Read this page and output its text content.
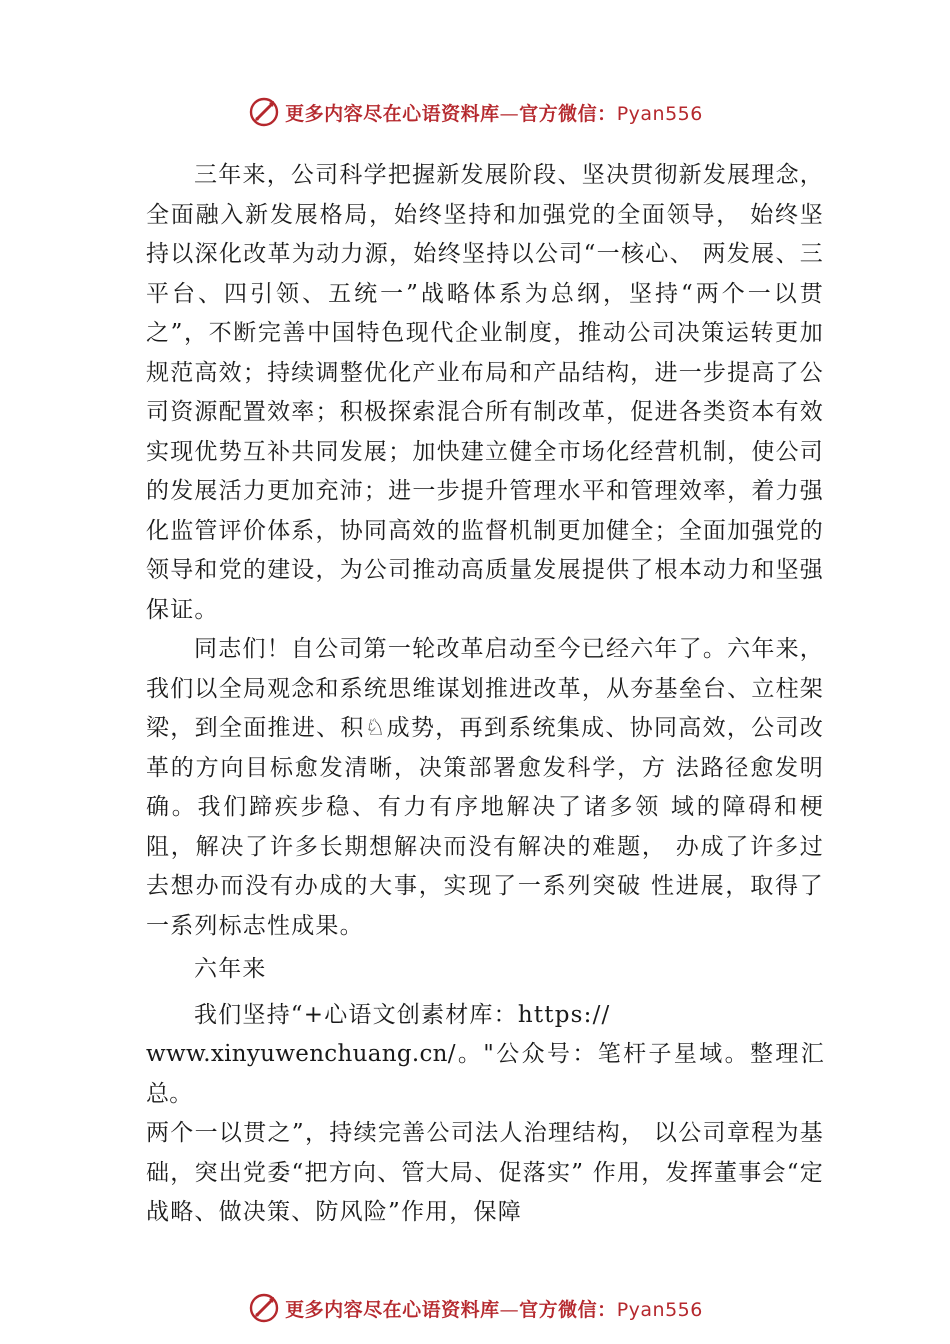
更多内容尽在心语资料库—官方微信：Pyan556

三年来，公司科学把握新发展阶段、坚决贯彻新发展理念，全面融入新发展格局，始终坚持和加强党的全面领导， 始终坚持以深化改革为动力源，始终坚持以公司“一核心、 两发展、三平台、四引领、五统一”战略体系为总纲，坚持“两个一以贯之”，不断完善中国特色现代企业制度，推动公司决策运转更加规范高效；持续调整优化产业布局和产品结构，进一步提高了公司资源配置效率；积极探索混合所有制改革，促进各类资本有效实现优势互补共同发展；加快建立健全市场化经营机制，使公司的发展活力更加充沛；进一步提升管理水平和管理效率，着力强化监管评价体系，协同高效的监督机制更加健全；全面加强党的领导和党的建设，为公司推动高质量发展提供了根本动力和坚强保证。

同志们！自公司第一轮改革启动至今已经六年了。六年来，我们以全局观念和系统思维谋划推进改革，从夯基垒台、立柱架梁，到全面推进、积♘成势，再到系统集成、协同高效，公司改革的方向目标愈发清晰，决策部署愈发科学，方 法路径愈发明确。我们蹄疾步稳、有力有序地解决了诸多领 域的障碍和梗阻，解决了许多长期想解决而没有解决的难题， 办成了许多过去想办而没有办成的大事，实现了一系列突破 性进展，取得了一系列标志性成果。

六年来

我们坚持“+心语文创素材库：https://

www.xinyuwenchuang.cn/。"公众号：笔杆子星域。整理汇总。

两个一以贯之”，持续完善公司法人治理结构， 以公司章程为基础，突出党委“把方向、管大局、促落实” 作用，发挥董事会“定战略、做决策、防风险”作用，保障

更多内容尽在心语资料库—官方微信：Pyan556
